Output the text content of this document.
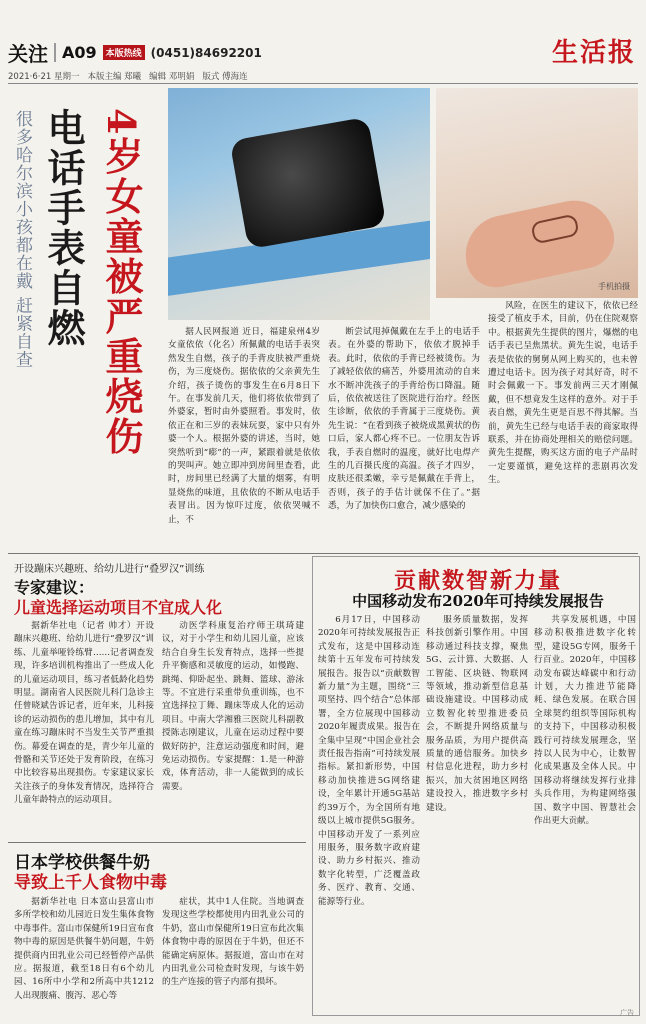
关注 A09	本版热线 (0451)84692201	生活报
2021·6·21 星期一 本版主编 郑曦 编辑 邓明娟 版式 傅海连
很多哈尔滨小孩都在戴 赶紧自查 电话手表自燃 4岁女童被严重烧伤	手机拍摄

据人民网报道 近日，福建泉州4岁女童依依（化名）所佩戴的电话手表突然发生自燃，孩子的手背皮肤被严重烧伤，为三度烧伤。据依依的父亲黄先生介绍，孩子烫伤的事发生在6月8日下午。在事发前几天，他们将依依带到了外婆家，暂时由外婆照看。事发时，依依正在和三岁的表妹玩耍，家中只有外婆一个人。根据外婆的讲述，当时，她突然听到“嘭”的一声，紧跟着就是依依的哭叫声。她立即冲到房间里查看，此时，房间里已经满了大量的烟雾，有明显烧焦的味道，且依依的不断从电话手表冒出。因为惊吓过度，依依哭喊不止，不

断尝试甩掉佩戴在左手上的电话手表。在外婆的帮助下，依依才脱掉手表。此时，依依的手背已经被烫伤。为了减轻依依的痛苦，外婆用流动的自来水不断冲洗孩子的手背给伤口降温。随后，依依被送往了医院进行治疗。经医生诊断，依依的手背属于三度烧伤。黄先生说：“在看到孩子被烧成黑黄状的伤口后，家人都心疼不已。一位朋友告诉我，手表自燃时的温度，就好比电焊产生的几百摄氏度的高温。孩子才四岁，皮肤还很柔嫩，幸亏是佩戴在手背上，否则，孩子的手估计就保不住了。”据悉，为了加快伤口愈合，减少感染的

风险，在医生的建议下，依依已经接受了植皮手术，目前，仍在住院观察中。根据黄先生提供的图片，爆燃的电话手表已呈焦黑状。黄先生说，电话手表是依依的舅舅从网上购买的，也未曾遭过电话卡。因为孩子对其好奇，时不时会佩戴一下。事发前两三天才刚佩戴，但不想竟发生这样的意外。对于手表自燃，黄先生更是百思不得其解。当前，黄先生已经与电话手表的商家取得联系，并在协商处理相关的赔偿问题。黄先生提醒，购买这方面的电子产品时一定要谨慎，避免这样的悲剧再次发生。

开设蹦床兴趣班、给幼儿进行“叠罗汉”训练
专家建议：
儿童选择运动项目不宜成人化

据新华社电（记者 帅才）开设蹦床兴趣班、给幼儿进行“叠罗汉”训练、儿童举哑铃练臂……记者调查发现，许多培训机构推出了一些成人化的儿童运动项目，练习者低龄化趋势明显。湖南省人民医院儿科门急诊主任曾晓斌告诉记者，近年来，儿科接诊的运动损伤的患儿增加，其中有儿童在练习蹦床时不当发生关节严重损伤。幕爱在调查的是，青少年儿童的骨骼和关节还处于发育阶段，在练习中比较容易出现损伤。专家建议家长关注孩子的身体发育情况，选择符合儿童年龄特点的运动项目。

动医学科康复治疗师王琪琦建议，对于小学生和幼儿园儿童，应该结合自身生长发育特点，选择一些提升平衡感和灵敏度的运动，如慢跑、跳绳、仰卧起坐、跳舞、篮球、游泳等。不宜进行采重带负重训练，也不宜选择拉丁舞、蹦床等成人化的运动项目。中南大学湘雅三医院儿科副教授陈志刚建议，儿童在运动过程中要做好防护，注意运动强度和时间，避免运动损伤。专家提醒：1.是一种游戏，体育活动，非一人能做到的成长需要。

日本学校供餐牛奶
导致上千人食物中毒

据新华社电 日本富山县富山市多所学校和幼儿园近日发生集体食物中毒事件。富山市保健所19日宣布食物中毒的原因是供餐牛奶问题，牛奶提供商内田乳业公司已经暂停产品供应。据报道，截至18日有6个幼儿园、16所中小学和2所高中共1212人出现腹痛、腹泻、恶心等

症状，其中1人住院。当地调查发现这些学校都使用内田乳业公司的牛奶，富山市保健所19日宣布此次集体食物中毒的原因在于牛奶，但还不能确定病原体。据报道，富山市在对内田乳业公司检查时发现，与该牛奶的生产连接的管子内部有损坏。

贡献数智新力量
中国移动发布2020年可持续发展报告

6月17日，中国移动2020年可持续发展报告正式发布，这是中国移动连续第十五年发布可持续发展报告。报告以“贡献数智新力量”为主题，围绕“三项坚持、四个结合”总体部署，全方位展现中国移动2020年履责成果。报告在全集中呈现“中国企业社会责任报告指南”可持续发展指标。紧扣新形势，中国移动加快推进5G网络建设，全年累计开通5G基站约39万个，为全国所有地级以上城市提供5G服务。中国移动开发了一系列应用服务，服务数字政府建设、助力乡村振兴、推动数字化转型，广泛覆盖政务、医疗、教育、交通、能源等行业。

服务质量数据，发挥科技创新引擎作用。中国移动通过科技支撑，聚焦5G、云计算、大数据、人工智能、区块链、物联网等领域，推动新型信息基础设施建设。中国移动成立数智化转型推进委员会，不断提升网络质量与服务品质，为用户提供高质量的通信服务。加快乡村信息化进程，助力乡村振兴，加大贫困地区网络建设投入，推进数字乡村建设。

共享发展机遇，中国移动积极推进数字化转型，建设5G专网，服务千行百业。2020年，中国移动发布碳达峰碳中和行动计划，大力推进节能降耗、绿色发展。在联合国全球契约组织等国际机构的支持下，中国移动积极践行可持续发展理念，坚持以人民为中心，让数智化成果惠及全体人民。中国移动将继续发挥行业排头兵作用，为构建网络强国、数字中国、智慧社会作出更大贡献。

广告
